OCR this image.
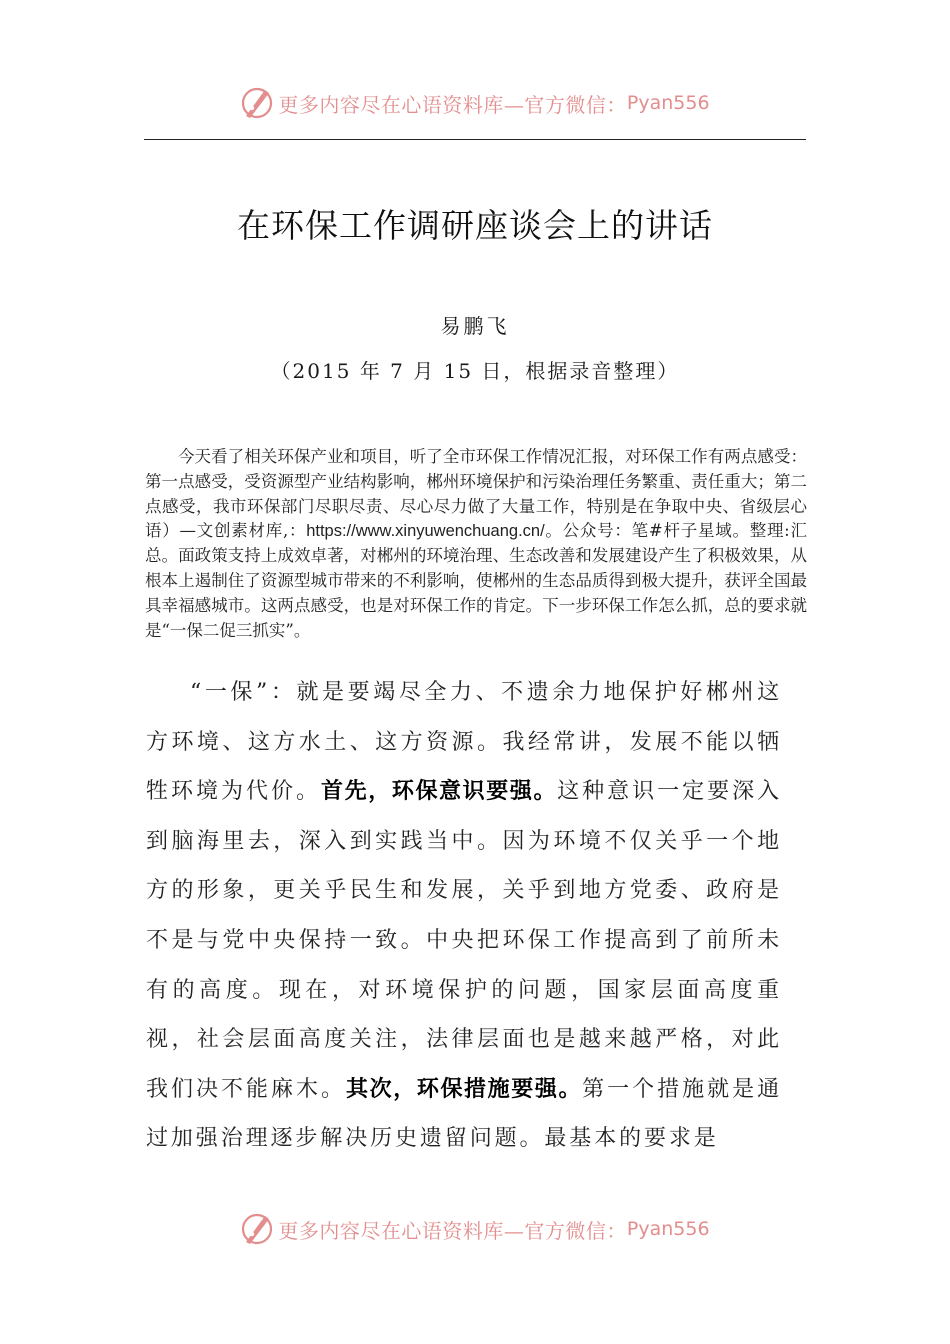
更多内容尽在心语资料库—官方微信： Pyan556
在环保工作调研座谈会上的讲话
易鹏飞
（2015 年 7 月 15 日，根据录音整理）
今天看了相关环保产业和项目，听了全市环保工作情况汇报，对环保工作有两点感受：第一点感受，受资源型产业结构影响，郴州环境保护和污染治理任务繁重、责任重大；第二点感受，我市环保部门尽职尽责、尽心尽力做了大量工作，特别是在争取中央、省级层心语）—文创素材库,：https://www.xinyuwenchuang.cn/。公众号：笔#杆子星域。整理:汇总。面政策支持上成效卓著，对郴州的环境治理、生态改善和发展建设产生了积极效果，从根本上遏制住了资源型城市带来的不利影响，使郴州的生态品质得到极大提升，获评全国最具幸福感城市。这两点感受，也是对环保工作的肯定。下一步环保工作怎么抓，总的要求就是“一保二促三抓实”。
“一保”：就是要竭尽全力、不遗余力地保护好郴州这方环境、这方水土、这方资源。我经常讲，发展不能以牺牲环境为代价。首先，环保意识要强。这种意识一定要深入到脑海里去，深入到实践当中。因为环境不仅关乎一个地方的形象，更关乎民生和发展，关乎到地方党委、政府是不是与党中央保持一致。中央把环保工作提高到了前所未有的高度。现在，对环境保护的问题，国家层面高度重视，社会层面高度关注，法律层面也是越来越严格，对此我们决不能麻木。其次，环保措施要强。第一个措施就是通过加强治理逐步解决历史遗留问题。最基本的要求是
更多内容尽在心语资料库—官方微信： Pyan556
